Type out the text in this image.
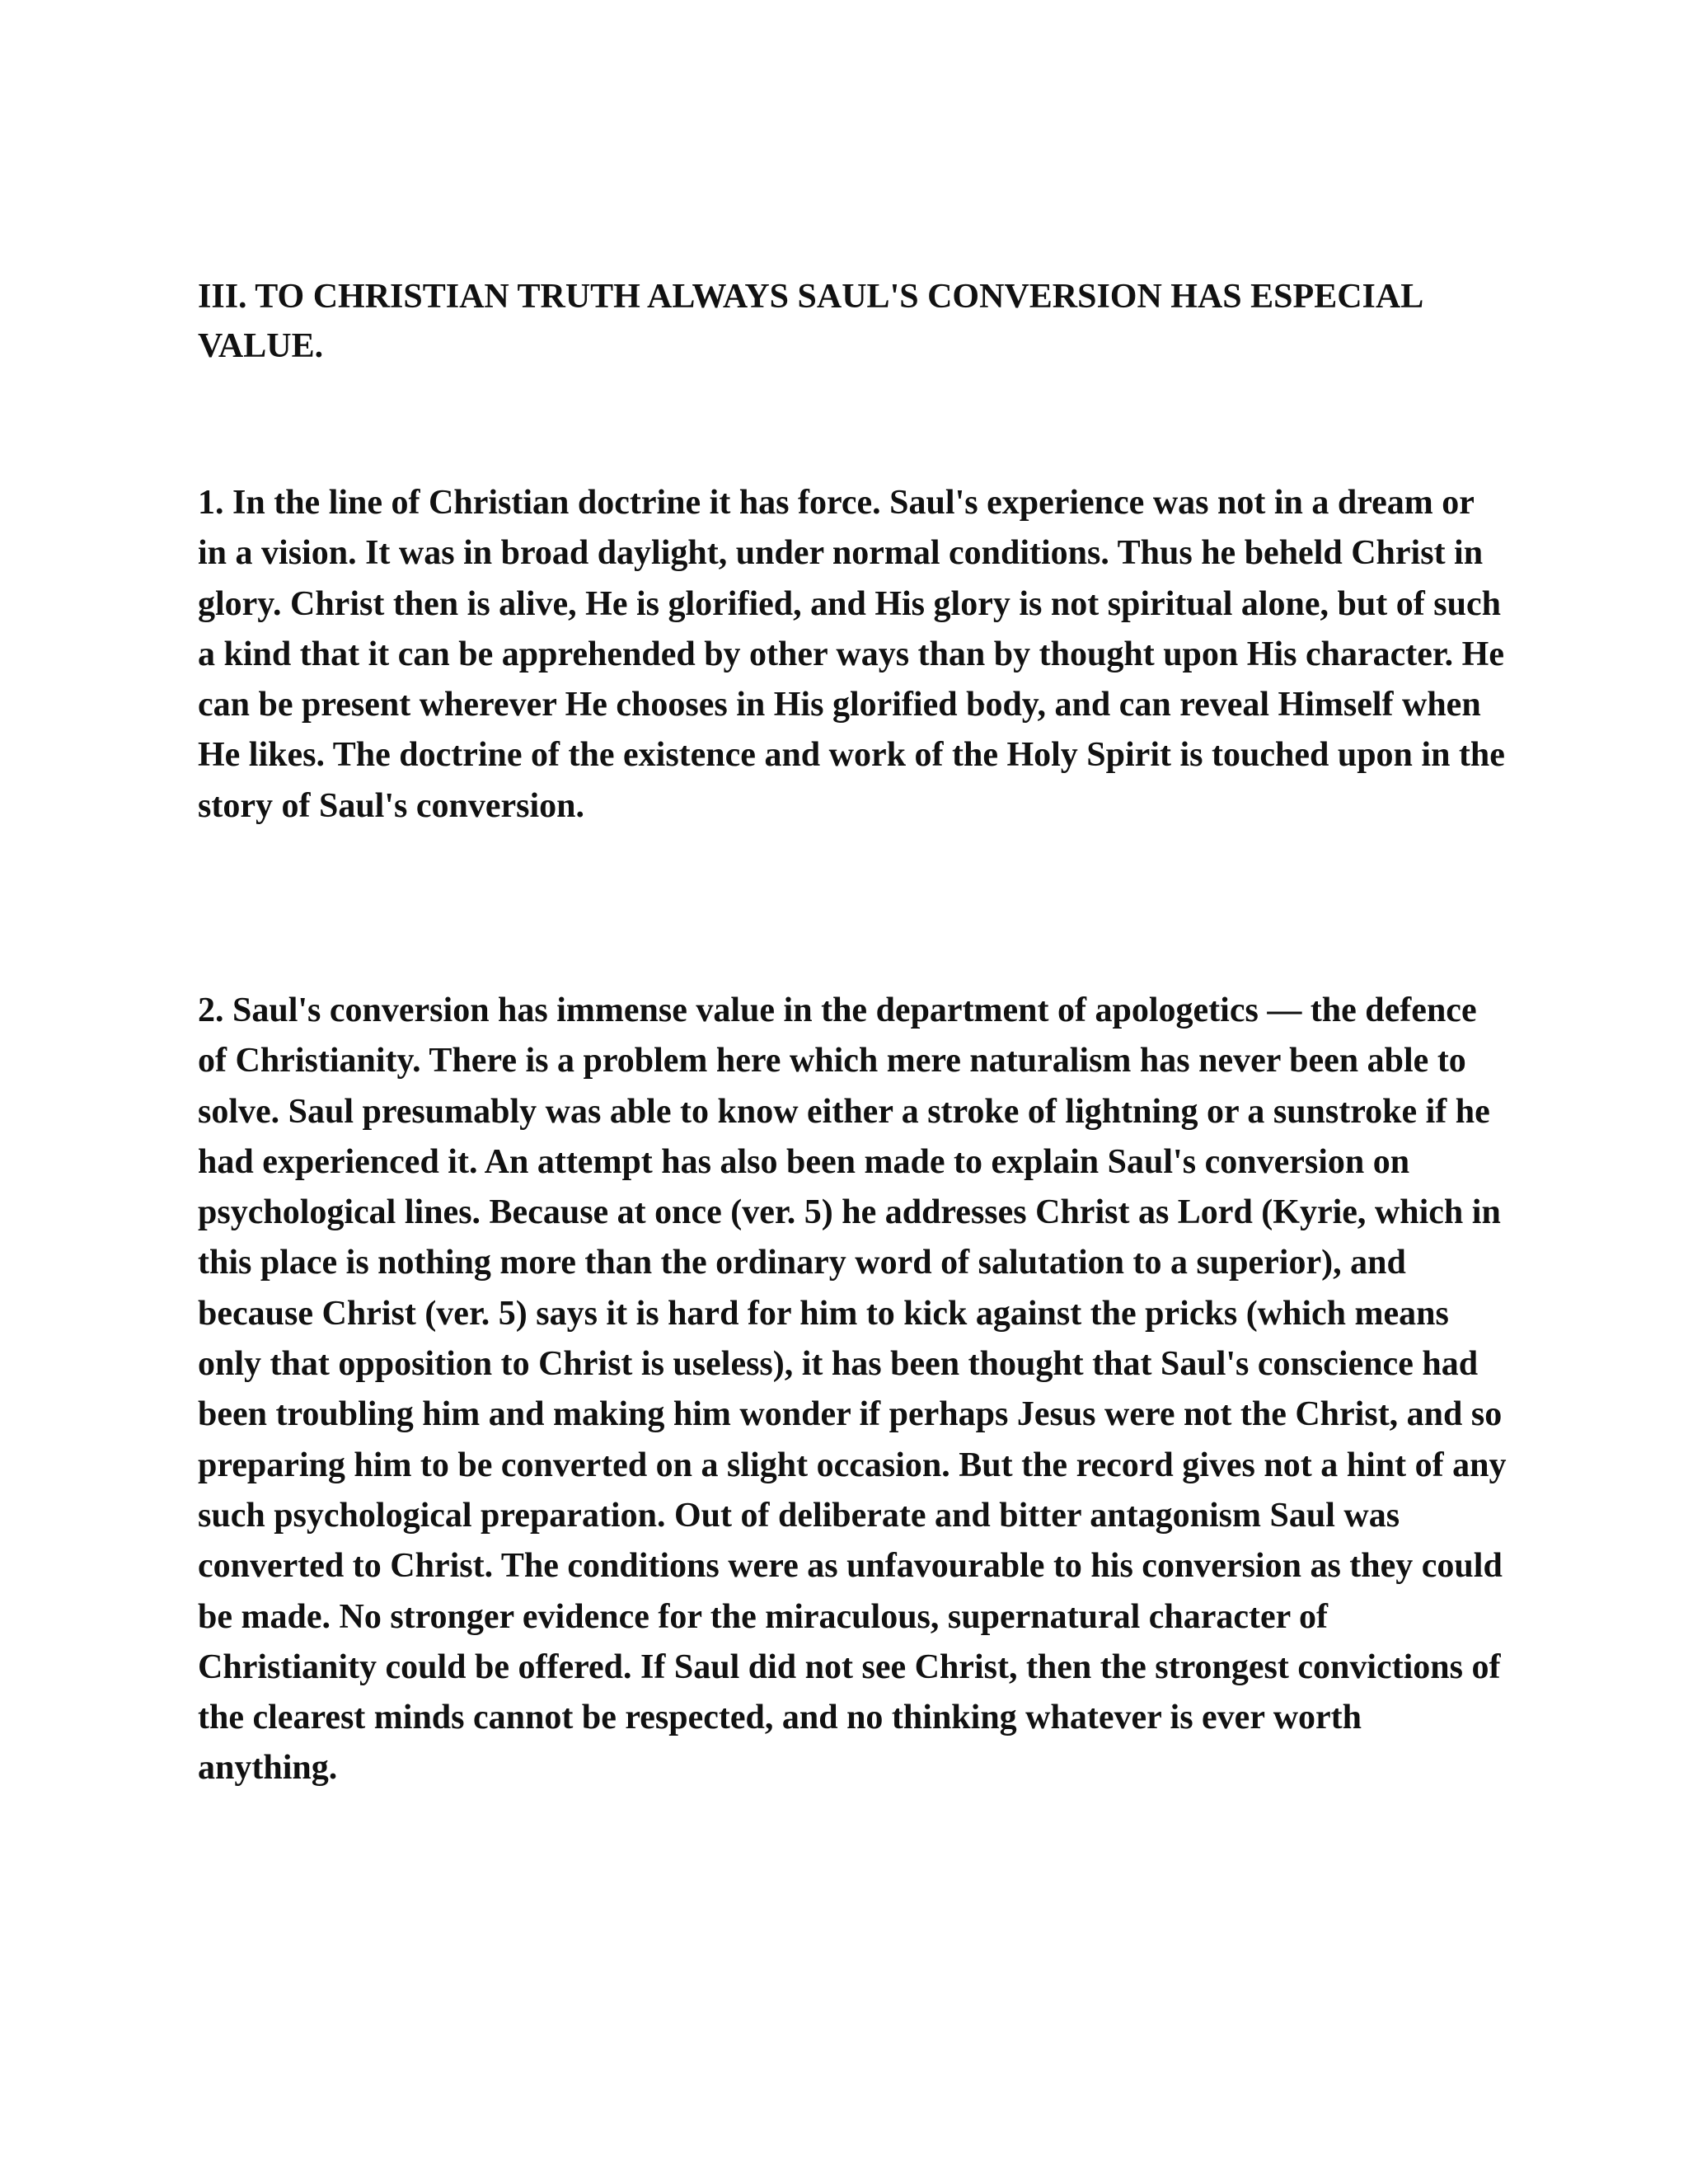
III. TO CHRISTIAN TRUTH ALWAYS SAUL'S CONVERSION HAS ESPECIAL VALUE.

1. In the line of Christian doctrine it has force. Saul's experience was not in a dream or in a vision. It was in broad daylight, under normal conditions. Thus he beheld Christ in glory. Christ then is alive, He is glorified, and His glory is not spiritual alone, but of such a kind that it can be apprehended by other ways than by thought upon His character. He can be present wherever He chooses in His glorified body, and can reveal Himself when He likes. The doctrine of the existence and work of the Holy Spirit is touched upon in the story of Saul's conversion.

2. Saul's conversion has immense value in the department of apologetics — the defence of Christianity. There is a problem here which mere naturalism has never been able to solve. Saul presumably was able to know either a stroke of lightning or a sunstroke if he had experienced it. An attempt has also been made to explain Saul's conversion on psychological lines. Because at once (ver. 5) he addresses Christ as Lord (Kyrie, which in this place is nothing more than the ordinary word of salutation to a superior), and because Christ (ver. 5) says it is hard for him to kick against the pricks (which means only that opposition to Christ is useless), it has been thought that Saul's conscience had been troubling him and making him wonder if perhaps Jesus were not the Christ, and so preparing him to be converted on a slight occasion. But the record gives not a hint of any such psychological preparation. Out of deliberate and bitter antagonism Saul was converted to Christ. The conditions were as unfavourable to his conversion as they could be made. No stronger evidence for the miraculous, supernatural character of Christianity could be offered. If Saul did not see Christ, then the strongest convictions of the clearest minds cannot be respected, and no thinking whatever is ever worth anything.
